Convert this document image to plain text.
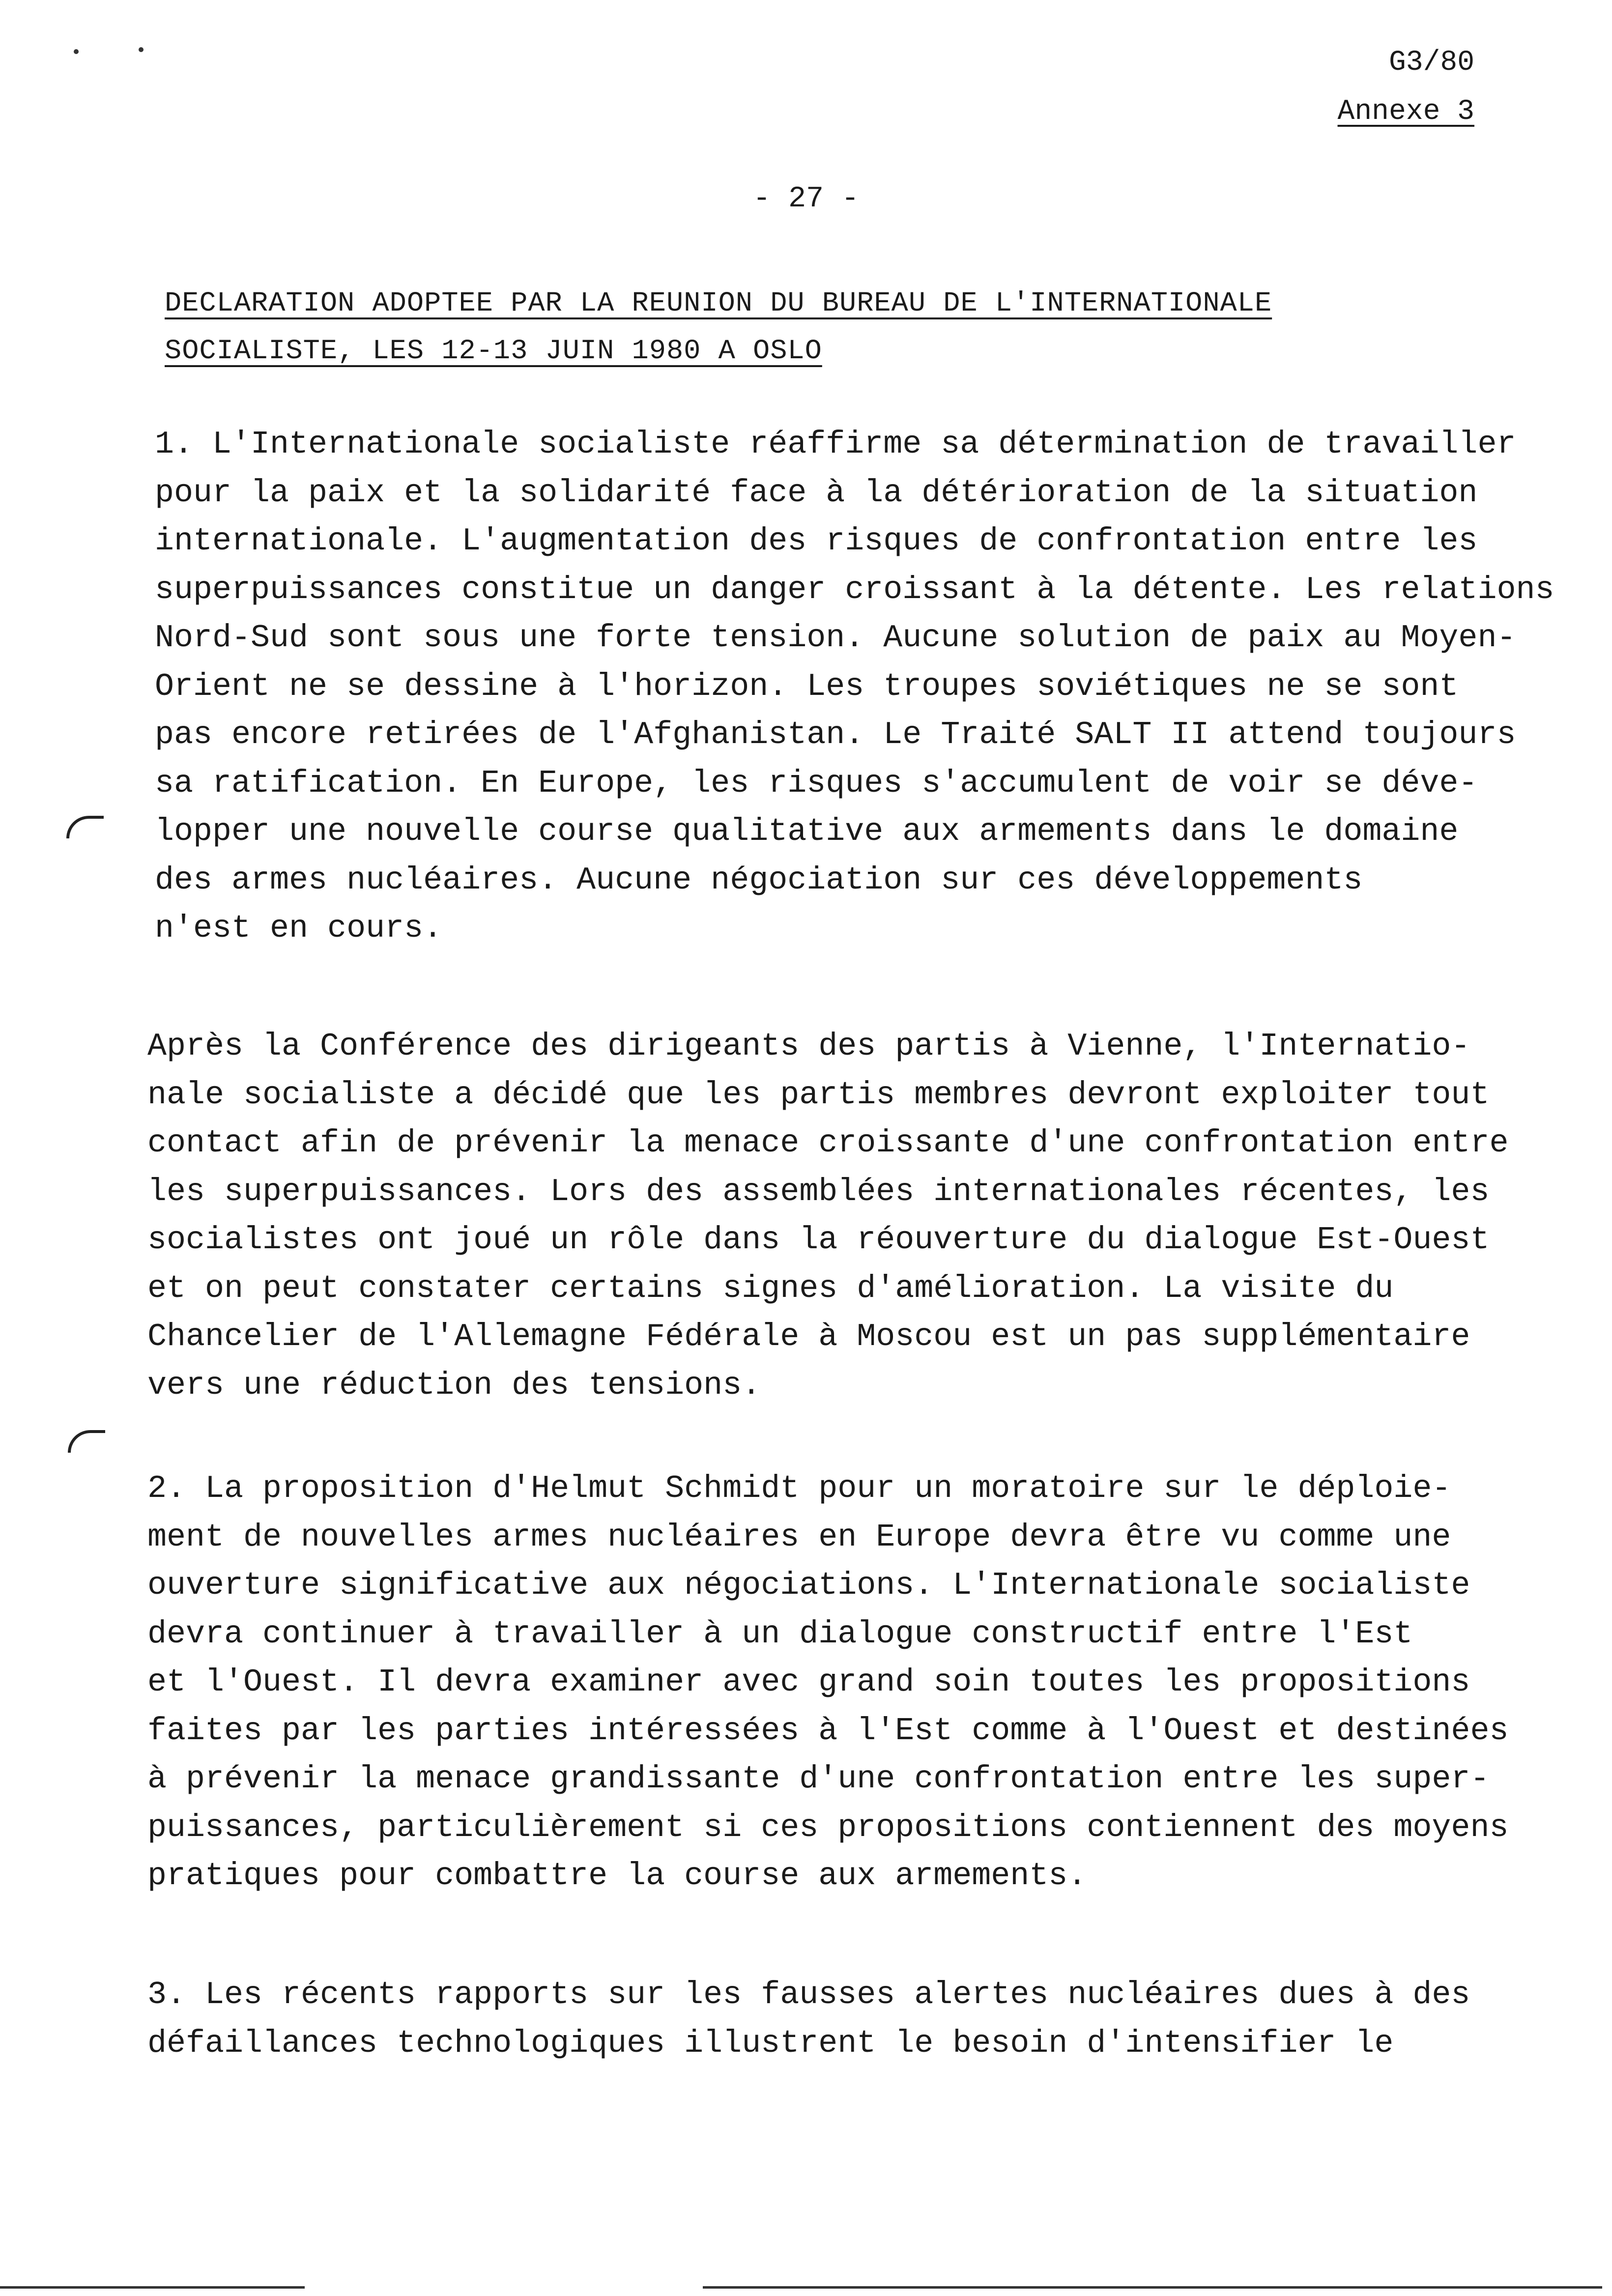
G3/80
Annexe 3
- 27 -
DECLARATION ADOPTEE PAR LA REUNION DU BUREAU DE L'INTERNATIONALE
SOCIALISTE, LES 12-13 JUIN 1980 A OSLO
1. L'Internationale socialiste réaffirme sa détermination de travailler
pour la paix et la solidarité face à la détérioration de la situation
internationale. L'augmentation des risques de confrontation entre les
superpuissances constitue un danger croissant à la détente. Les relations
Nord-Sud sont sous une forte tension. Aucune solution de paix au Moyen-
Orient ne se dessine à l'horizon. Les troupes soviétiques ne se sont
pas encore retirées de l'Afghanistan. Le Traité SALT II attend toujours
sa ratification. En Europe, les risques s'accumulent de voir se déve-
lopper une nouvelle course qualitative aux armements dans le domaine
des armes nucléaires. Aucune négociation sur ces développements
n'est en cours.
Après la Conférence des dirigeants des partis à Vienne, l'Internatio-
nale socialiste a décidé que les partis membres devront exploiter tout
contact afin de prévenir la menace croissante d'une confrontation entre
les superpuissances. Lors des assemblées internationales récentes, les
socialistes ont joué un rôle dans la réouverture du dialogue Est-Ouest
et on peut constater certains signes d'amélioration. La visite du
Chancelier de l'Allemagne Fédérale à Moscou est un pas supplémentaire
vers une réduction des tensions.
2. La proposition d'Helmut Schmidt pour un moratoire sur le déploie-
ment de nouvelles armes nucléaires en Europe devra être vu comme une
ouverture significative aux négociations. L'Internationale socialiste
devra continuer à travailler à un dialogue constructif entre l'Est
et l'Ouest. Il devra examiner avec grand soin toutes les propositions
faites par les parties intéressées à l'Est comme à l'Ouest et destinées
à prévenir la menace grandissante d'une confrontation entre les super-
puissances, particulièrement si ces propositions contiennent des moyens
pratiques pour combattre la course aux armements.
3. Les récents rapports sur les fausses alertes nucléaires dues à des
défaillances technologiques illustrent le besoin d'intensifier le
